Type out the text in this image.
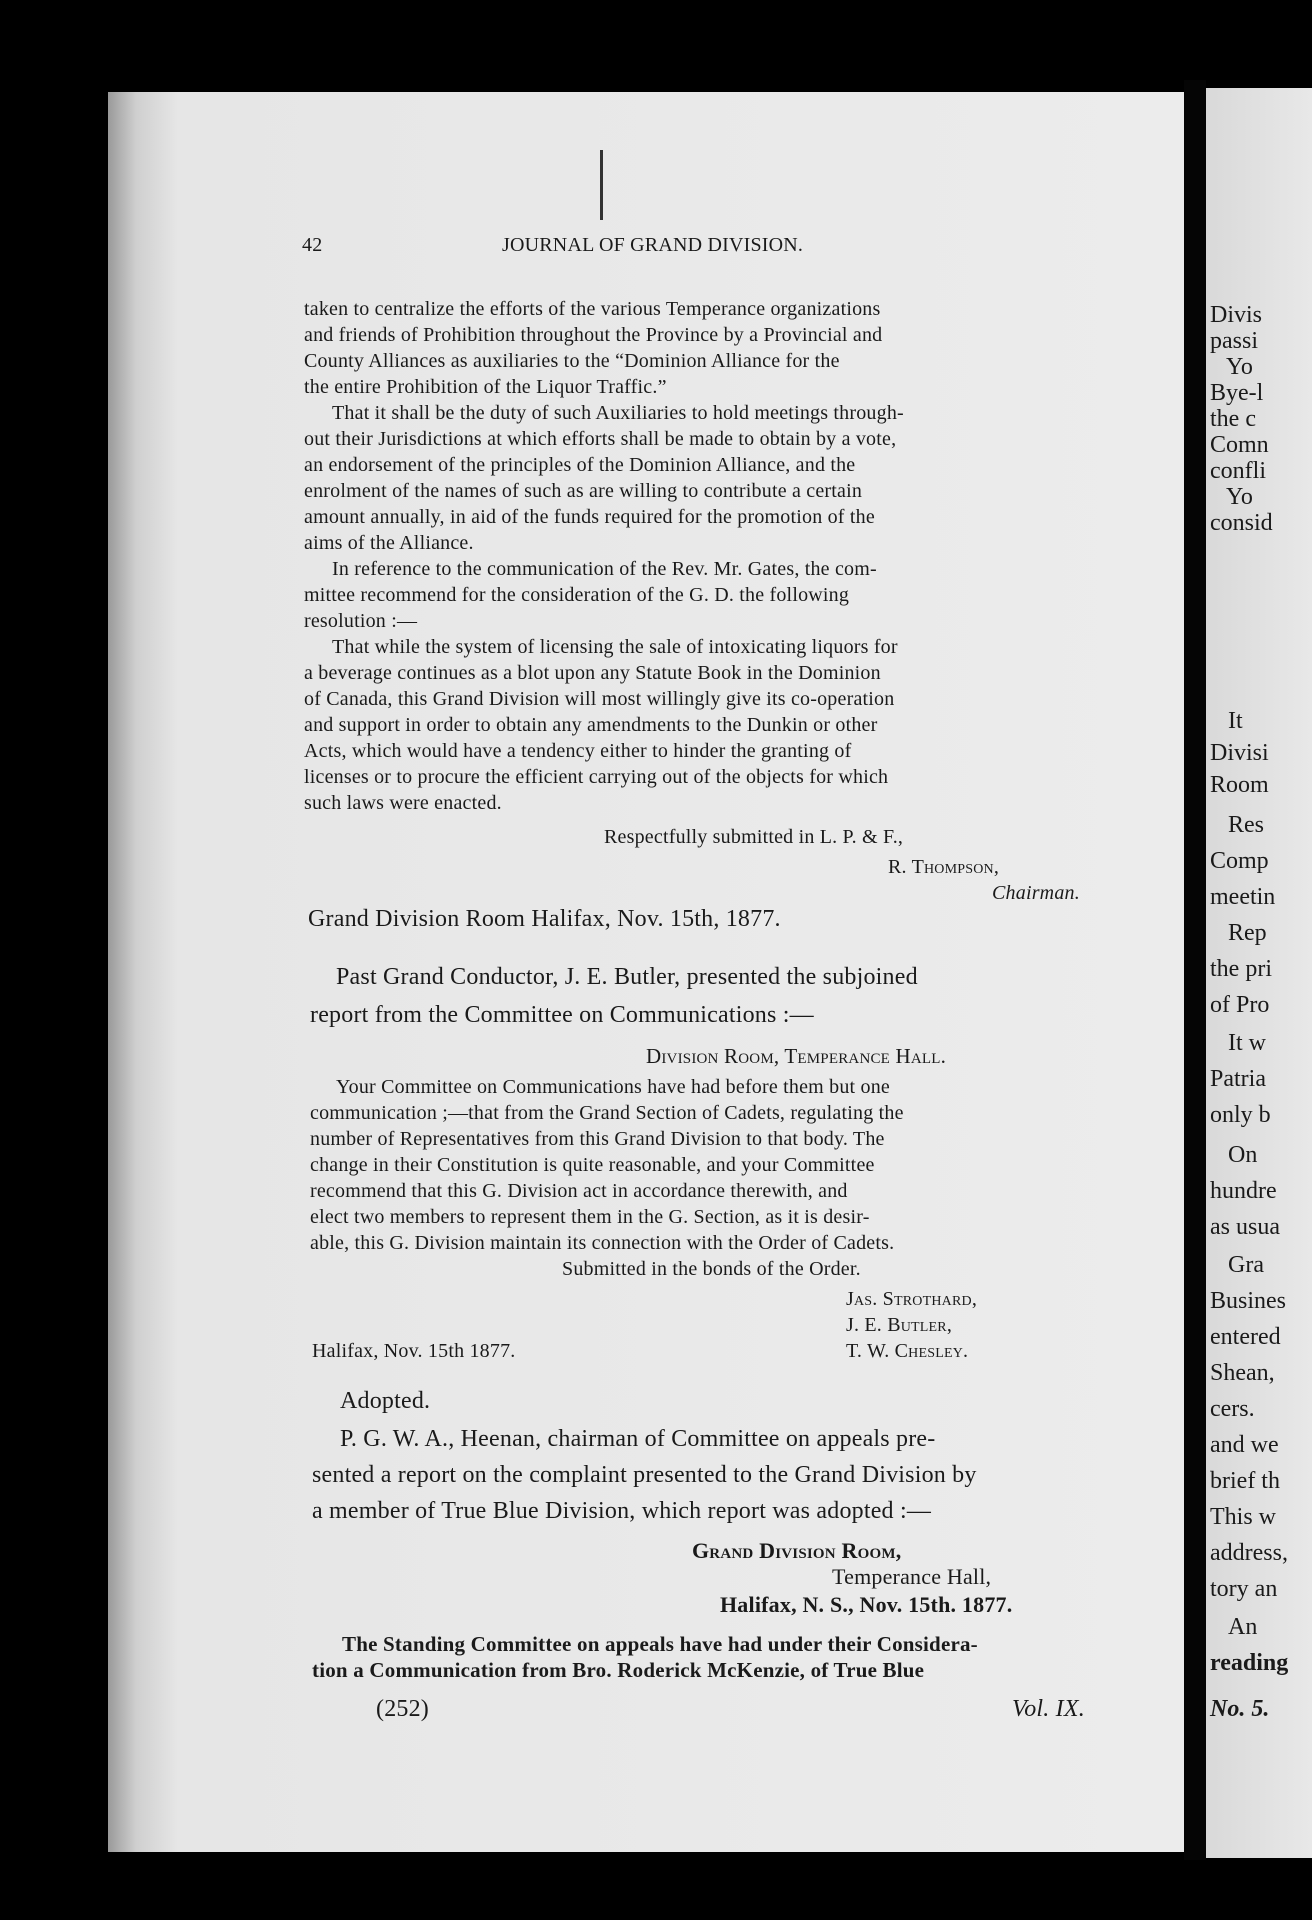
42	JOURNAL OF GRAND DIVISION.
taken to centralize the efforts of the various Temperance organizations
and friends of Prohibition throughout the Province by a Provincial and
County Alliances as auxiliaries to the “Dominion Alliance for the
the entire Prohibition of the Liquor Traffic.”
That it shall be the duty of such Auxiliaries to hold meetings through-
out their Jurisdictions at which efforts shall be made to obtain by a vote,
an endorsement of the principles of the Dominion Alliance, and the
enrolment of the names of such as are willing to contribute a certain
amount annually, in aid of the funds required for the promotion of the
aims of the Alliance.
In reference to the communication of the Rev. Mr. Gates, the com-
mittee recommend for the consideration of the G. D. the following
resolution :—
That while the system of licensing the sale of intoxicating liquors for
a beverage continues as a blot upon any Statute Book in the Dominion
of Canada, this Grand Division will most willingly give its co-operation
and support in order to obtain any amendments to the Dunkin or other
Acts, which would have a tendency either to hinder the granting of
licenses or to procure the efficient carrying out of the objects for which
such laws were enacted.
Respectfully submitted in L. P. & F.,
R. Thompson,
Chairman.
Grand Division Room Halifax, Nov. 15th, 1877.
Past Grand Conductor, J. E. Butler, presented the subjoined
report from the Committee on Communications :—
Division Room, Temperance Hall.
Your Committee on Communications have had before them but one
communication ;—that from the Grand Section of Cadets, regulating the
number of Representatives from this Grand Division to that body. The
change in their Constitution is quite reasonable, and your Committee
recommend that this G. Division act in accordance therewith, and
elect two members to represent them in the G. Section, as it is desir-
able, this G. Division maintain its connection with the Order of Cadets.
Submitted in the bonds of the Order.
Jas. Strothard,
J. E. Butler,
T. W. Chesley.
Halifax, Nov. 15th 1877.
Adopted.
P. G. W. A., Heenan, chairman of Committee on appeals pre-
sented a report on the complaint presented to the Grand Division by
a member of True Blue Division, which report was adopted :—
Grand Division Room,
Temperance Hall,
Halifax, N. S., Nov. 15th. 1877.
The Standing Committee on appeals have had under their Considera-
tion a Communication from Bro. Roderick McKenzie, of True Blue
(252)	Vol. IX.
Divis
passi
Yo
Bye-l
the c
Comn
confli
Yo
consid
It
Divisi
Room
Res
Comp
meetin
Rep
the pri
of Pro
It w
Patria
only b
On
hundre
as usua
Gra
Busines
entered
Shean,
cers.
and we
brief th
This w
address,
tory an
An
reading
No. 5.
